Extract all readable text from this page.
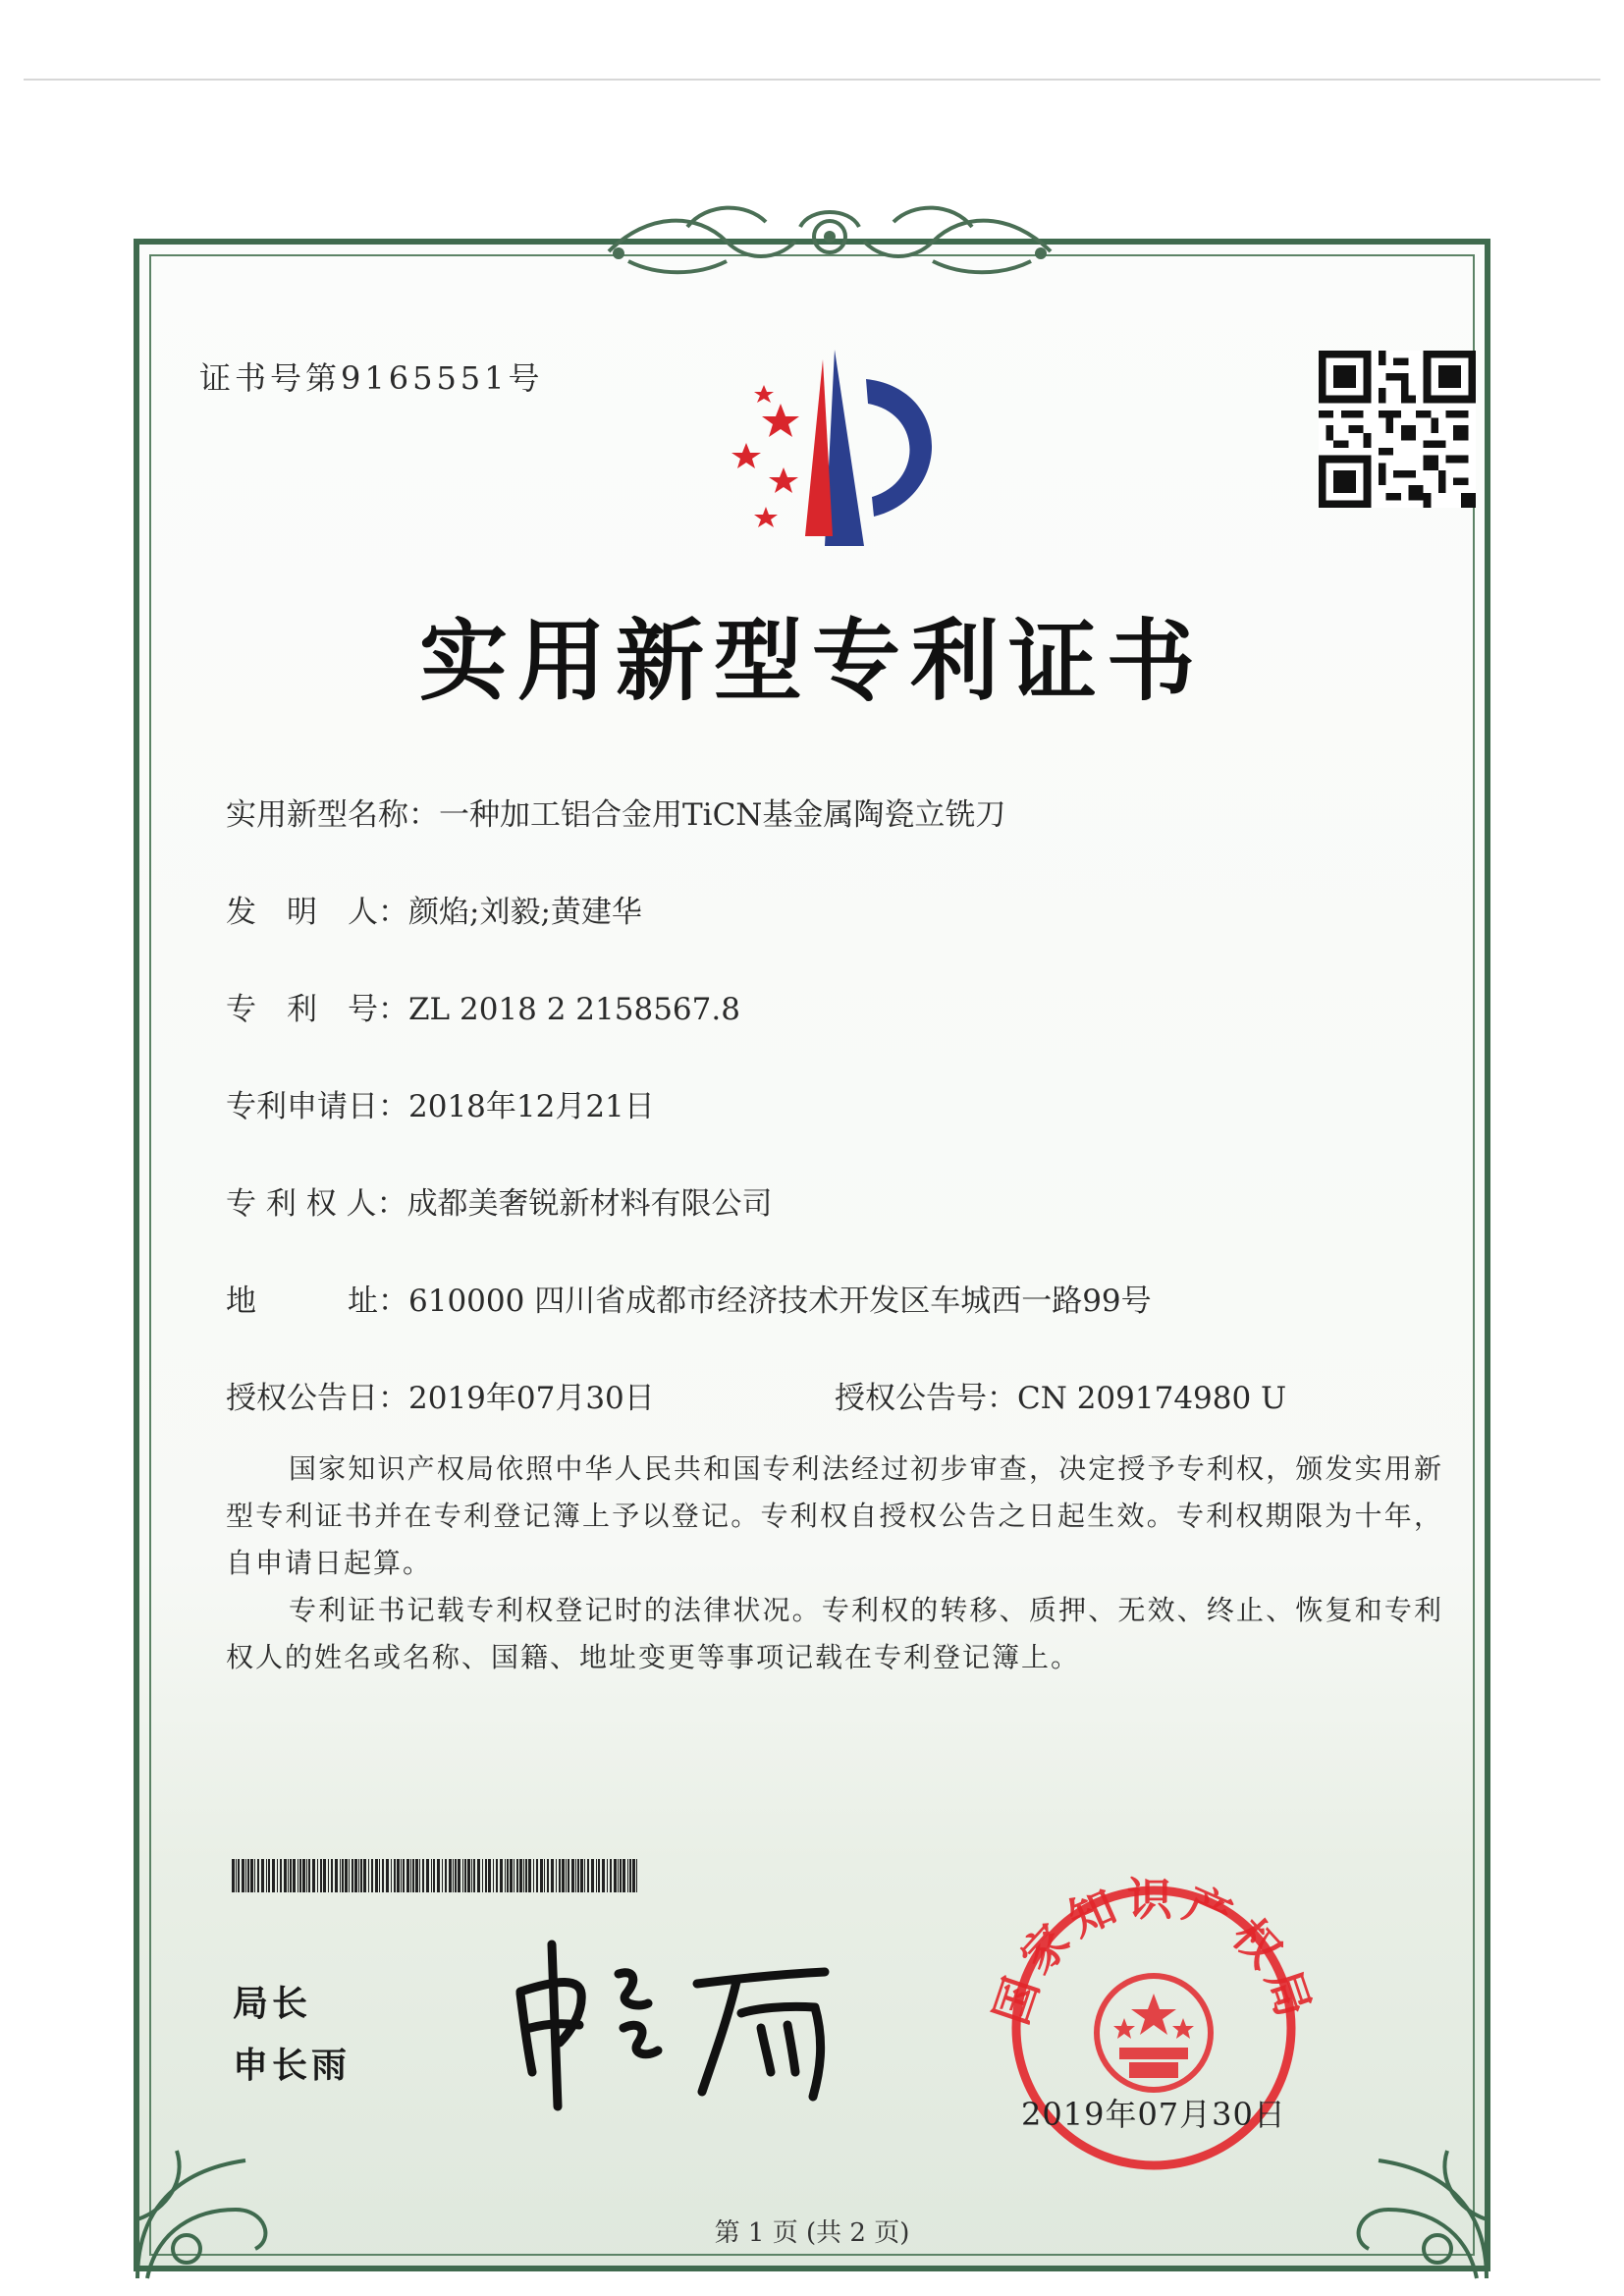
证书号第9165551号
实用新型专利证书
实用新型名称：一种加工铝合金用TiCN基金属陶瓷立铣刀
发　明　人：颜焰;刘毅;黄建华
专　利　号：ZL 2018 2 2158567.8
专利申请日：2018年12月21日
专 利 权 人：成都美奢锐新材料有限公司
地　　　址：610000 四川省成都市经济技术开发区车城西一路99号
授权公告日：2019年07月30日	授权公告号：CN 209174980 U
国家知识产权局依照中华人民共和国专利法经过初步审查，决定授予专利权，颁发实用新型专利证书并在专利登记簿上予以登记。专利权自授权公告之日起生效。专利权期限为十年，自申请日起算。
专利证书记载专利权登记时的法律状况。专利权的转移、质押、无效、终止、恢复和专利权人的姓名或名称、国籍、地址变更等事项记载在专利登记簿上。
局长
申长雨
国家知识产权局
2019年07月30日
第 1 页 (共 2 页)
